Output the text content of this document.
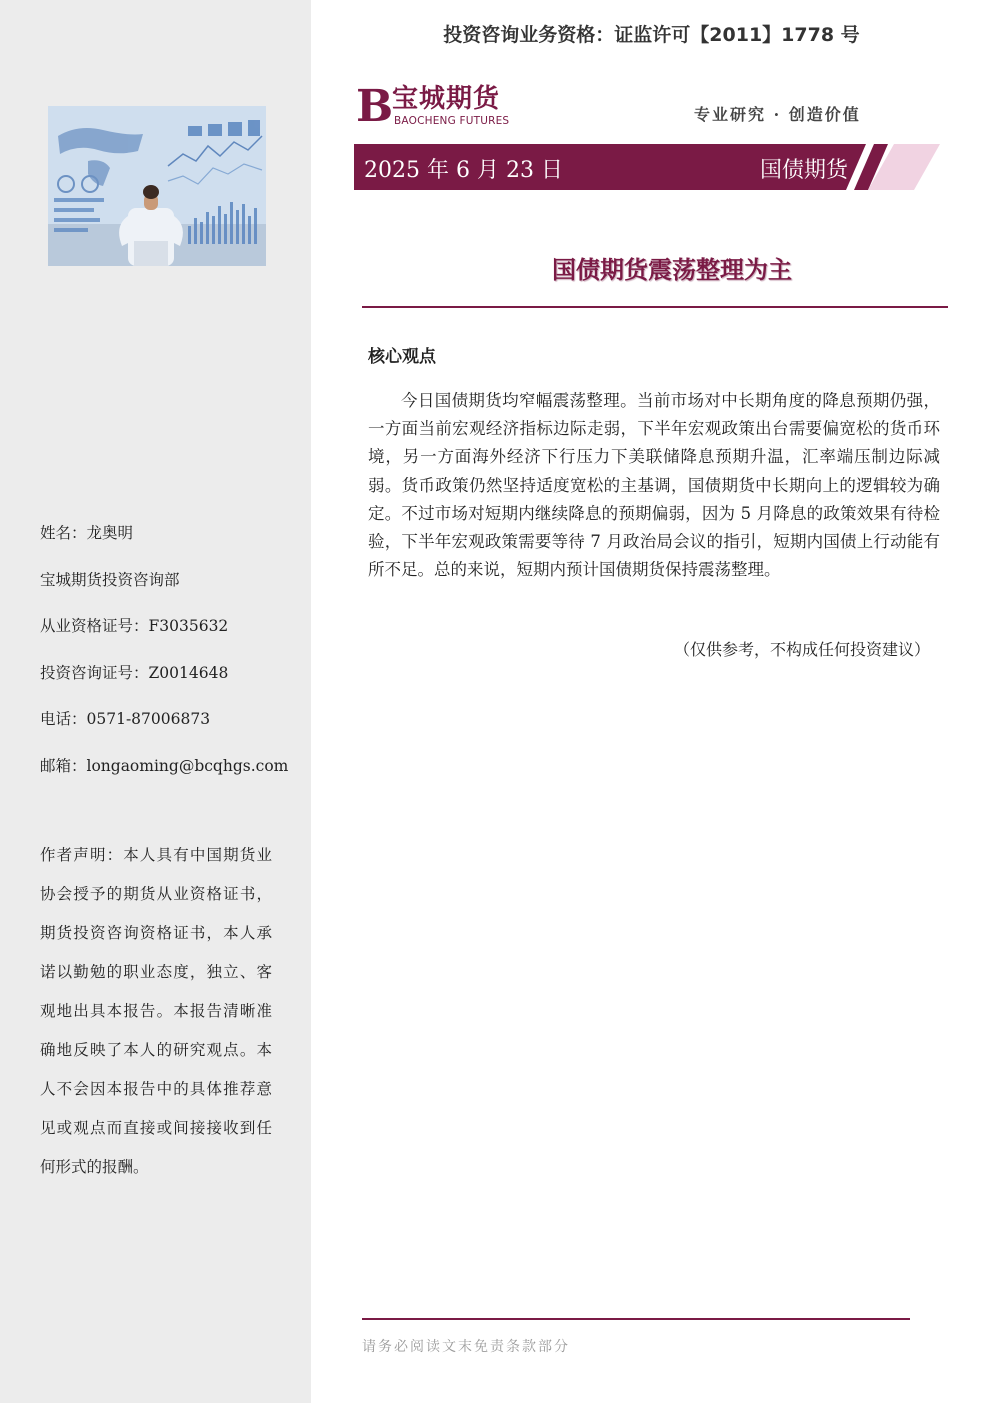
姓名：龙奥明
宝城期货投资咨询部
从业资格证号：F3035632
投资咨询证号：Z0014648
电话：0571-87006873
邮箱：longaoming@bcqhgs.com
作者声明：本人具有中国期货业协会授予的期货从业资格证书，期货投资咨询资格证书，本人承诺以勤勉的职业态度，独立、客观地出具本报告。本报告清晰准确地反映了本人的研究观点。本人不会因本报告中的具体推荐意见或观点而直接或间接接收到任何形式的报酬。
投资咨询业务资格：证监许可【2011】1778 号
B
宝城期货
BAOCHENG FUTURES	专业研究 · 创造价值
2025 年 6 月 23 日	国债期货
国债期货震荡整理为主
核心观点
今日国债期货均窄幅震荡整理。当前市场对中长期角度的降息预期仍强，一方面当前宏观经济指标边际走弱，下半年宏观政策出台需要偏宽松的货币环境，另一方面海外经济下行压力下美联储降息预期升温，汇率端压制边际减弱。货币政策仍然坚持适度宽松的主基调，国债期货中长期向上的逻辑较为确定。不过市场对短期内继续降息的预期偏弱，因为 5 月降息的政策效果有待检验，下半年宏观政策需要等待 7 月政治局会议的指引，短期内国债上行动能有所不足。总的来说，短期内预计国债期货保持震荡整理。
（仅供参考，不构成任何投资建议）
请务必阅读文末免责条款部分
